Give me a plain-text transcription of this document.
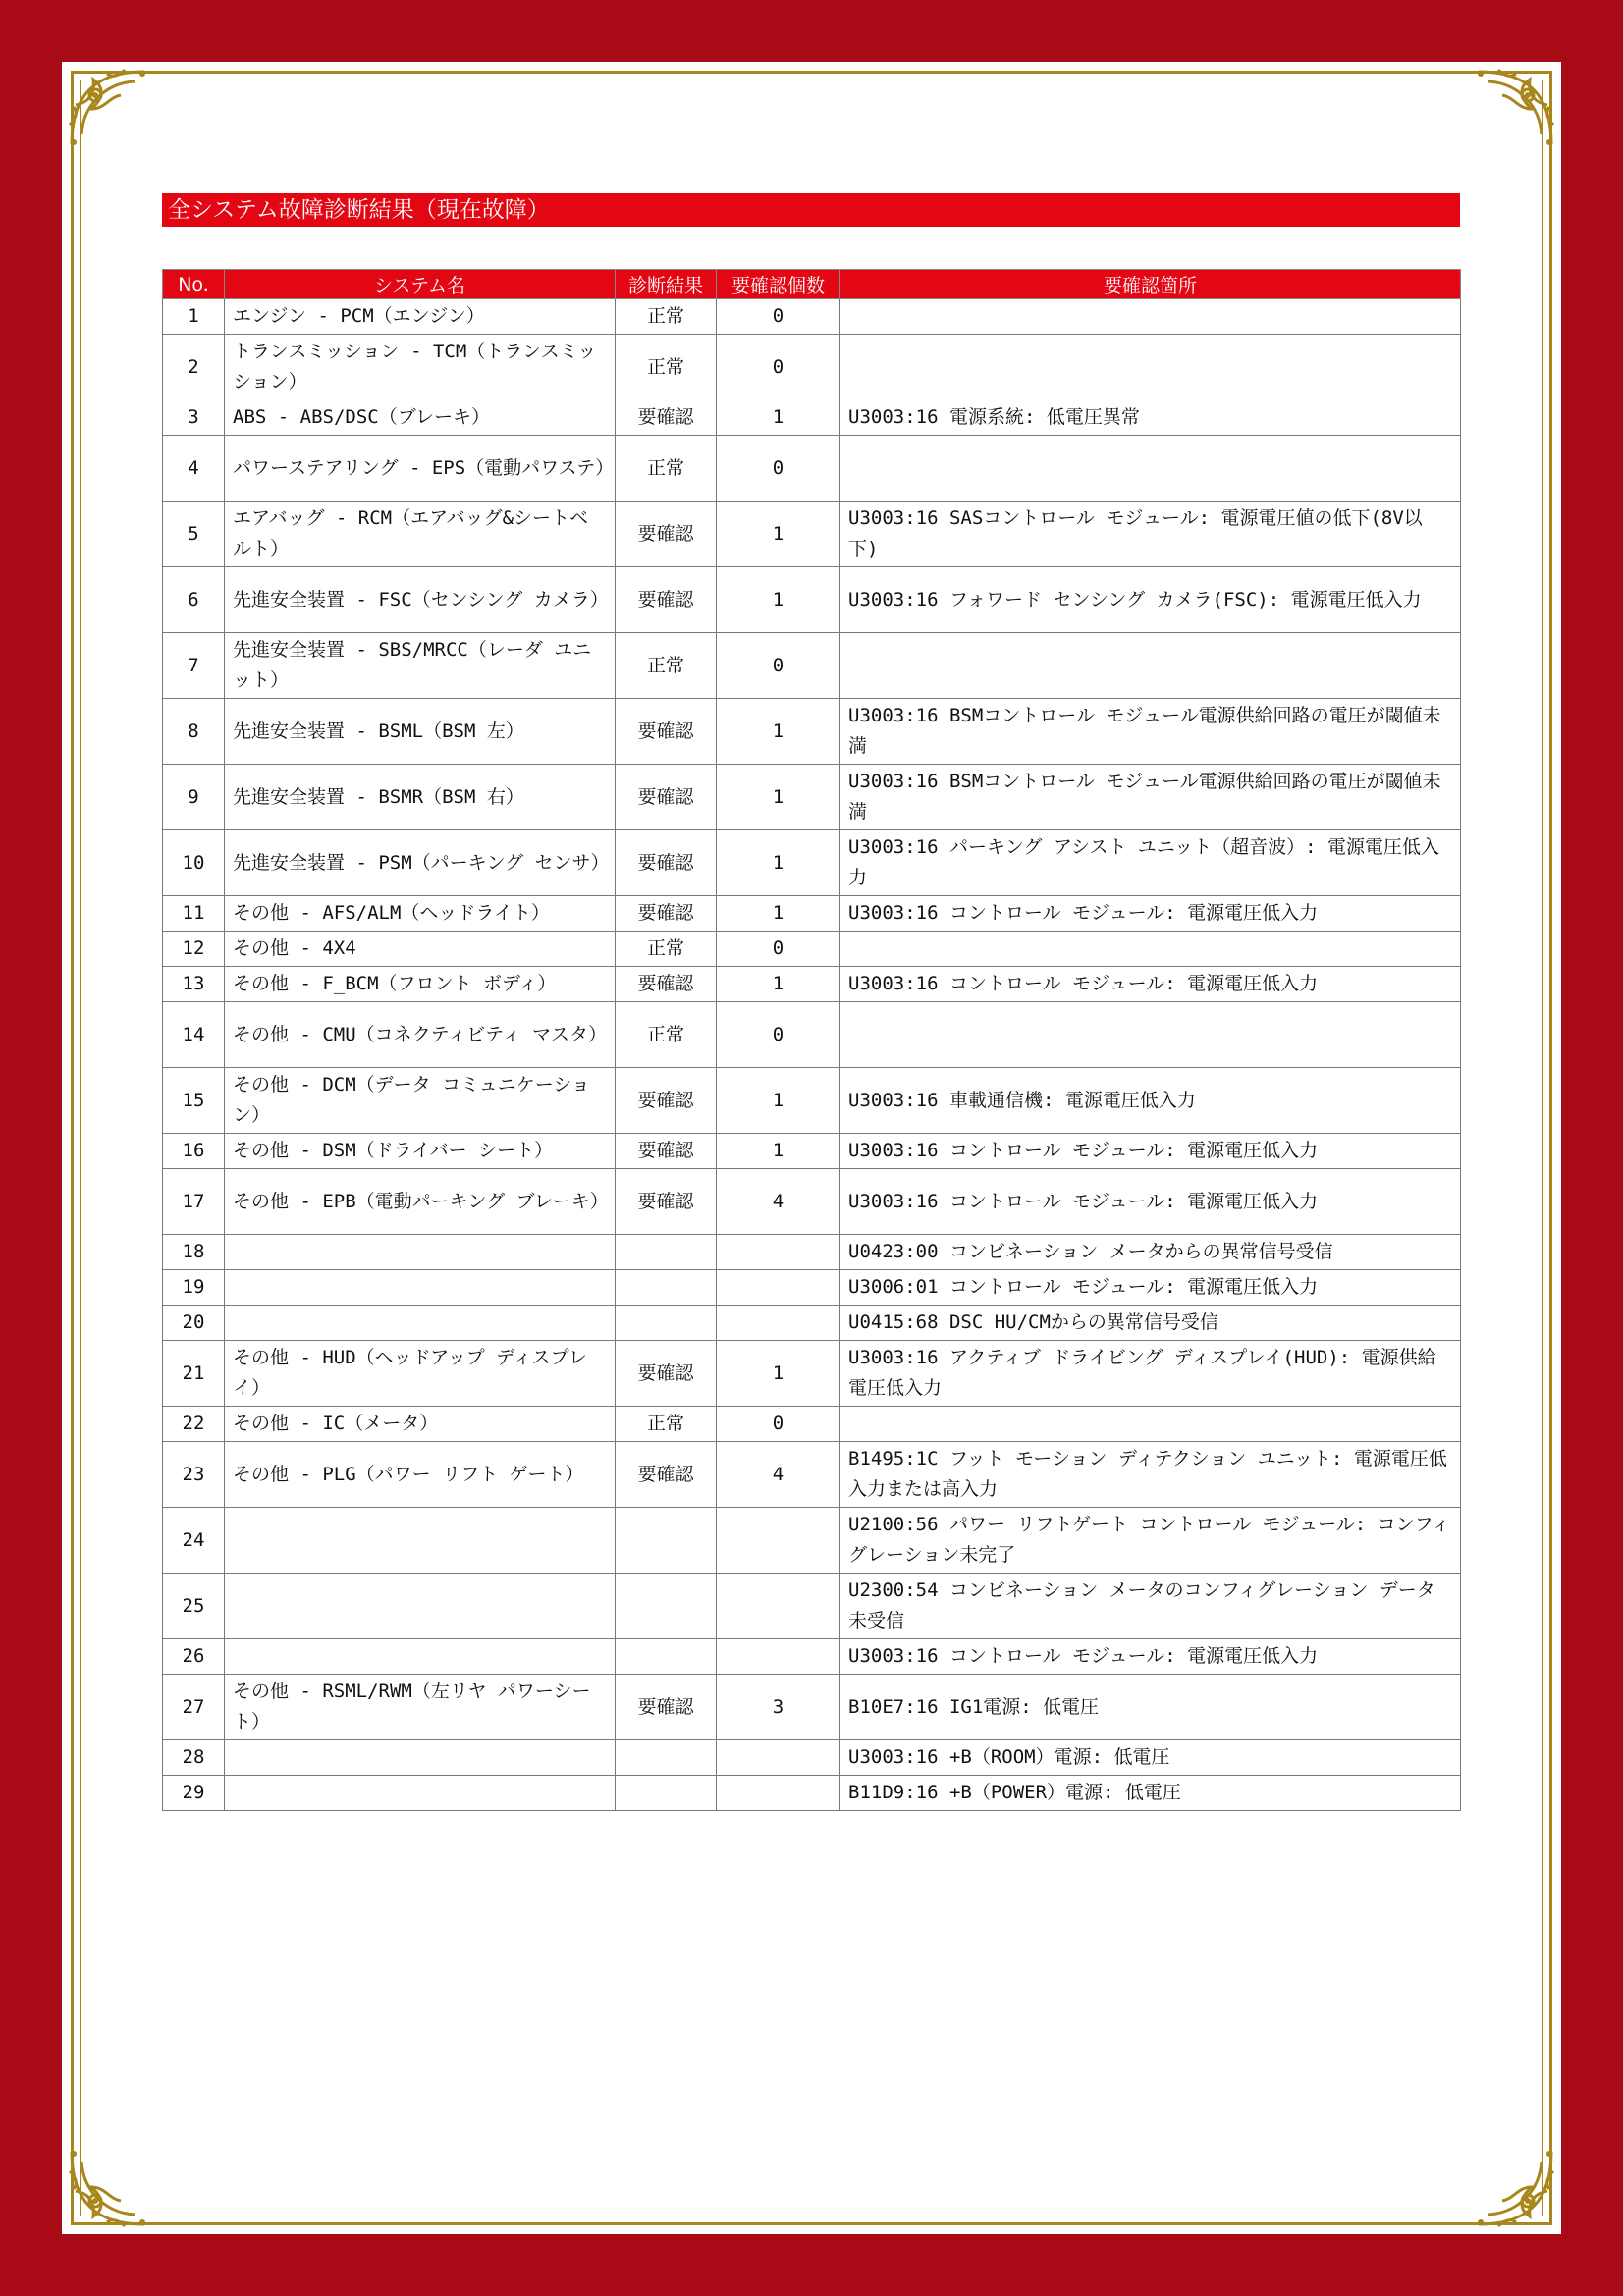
全システム故障診断結果（現在故障）
No.	システム名	診断結果	要確認個数	要確認箇所
1	エンジン - PCM（エンジン）	正常	0	
2	トランスミッション - TCM（トランスミッション）	正常	0	
3	ABS - ABS/DSC（ブレーキ）	要確認	1	U3003:16 電源系統: 低電圧異常
4	パワーステアリング - EPS（電動パワステ）	正常	0	
5	エアバッグ - RCM（エアバッグ&シートベルト）	要確認	1	U3003:16 SASコントロール モジュール: 電源電圧値の低下(8V以下)
6	先進安全装置 - FSC（センシング カメラ）	要確認	1	U3003:16 フォワード センシング カメラ(FSC): 電源電圧低入力
7	先進安全装置 - SBS/MRCC（レーダ ユニット）	正常	0	
8	先進安全装置 - BSML（BSM 左）	要確認	1	U3003:16 BSMコントロール モジュール電源供給回路の電圧が閾値未満
9	先進安全装置 - BSMR（BSM 右）	要確認	1	U3003:16 BSMコントロール モジュール電源供給回路の電圧が閾値未満
10	先進安全装置 - PSM（パーキング センサ）	要確認	1	U3003:16 パーキング アシスト ユニット（超音波）: 電源電圧低入力
11	その他 - AFS/ALM（ヘッドライト）	要確認	1	U3003:16 コントロール モジュール: 電源電圧低入力
12	その他 - 4X4	正常	0	
13	その他 - F_BCM（フロント ボディ）	要確認	1	U3003:16 コントロール モジュール: 電源電圧低入力
14	その他 - CMU（コネクティビティ マスタ）	正常	0	
15	その他 - DCM（データ コミュニケーション）	要確認	1	U3003:16 車載通信機: 電源電圧低入力
16	その他 - DSM（ドライバー シート）	要確認	1	U3003:16 コントロール モジュール: 電源電圧低入力
17	その他 - EPB（電動パーキング ブレーキ）	要確認	4	U3003:16 コントロール モジュール: 電源電圧低入力
18				U0423:00 コンビネーション メータからの異常信号受信
19				U3006:01 コントロール モジュール: 電源電圧低入力
20				U0415:68 DSC HU/CMからの異常信号受信
21	その他 - HUD（ヘッドアップ ディスプレイ）	要確認	1	U3003:16 アクティブ ドライビング ディスプレイ(HUD): 電源供給電圧低入力
22	その他 - IC（メータ）	正常	0	
23	その他 - PLG（パワー リフト ゲート）	要確認	4	B1495:1C フット モーション ディテクション ユニット: 電源電圧低入力または高入力
24				U2100:56 パワー リフトゲート コントロール モジュール: コンフィグレーション未完了
25				U2300:54 コンビネーション メータのコンフィグレーション データ未受信
26				U3003:16 コントロール モジュール: 電源電圧低入力
27	その他 - RSML/RWM（左リヤ パワーシート）	要確認	3	B10E7:16 IG1電源: 低電圧
28				U3003:16 +B（ROOM）電源: 低電圧
29				B11D9:16 +B（POWER）電源: 低電圧
